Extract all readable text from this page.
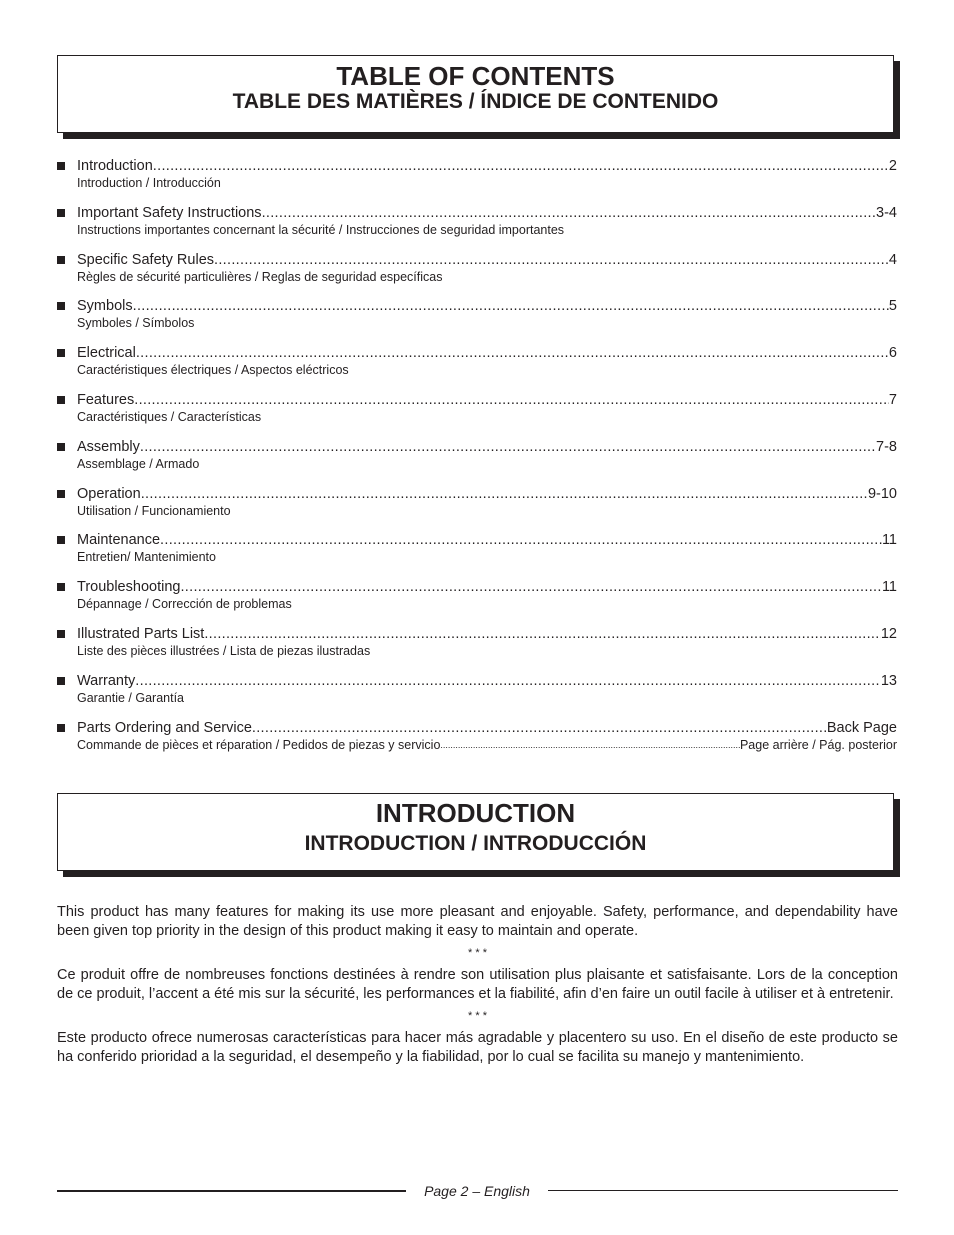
TABLE OF CONTENTS
TABLE DES MATIÈRES / ÍNDICE DE CONTENIDO
Introduction .....	2
Introduction / Introducción
Important Safety Instructions .....	3-4
Instructions importantes concernant la sécurité / Instrucciones de seguridad importantes
Specific Safety Rules .....	4
Règles de sécurité particulières / Reglas de seguridad específicas
Symbols .....	5
Symboles / Símbolos
Electrical .....	6
Caractéristiques électriques / Aspectos eléctricos
Features .....	7
Caractéristiques / Características
Assembly .....	7-8
Assemblage / Armado
Operation .....	9-10
Utilisation / Funcionamiento
Maintenance .....	11
Entretien/ Mantenimiento
Troubleshooting .....	11
Dépannage / Corrección de problemas
Illustrated Parts List .....	12
Liste des pièces illustrées / Lista de piezas ilustradas
Warranty .....	13
Garantie / Garantía
Parts Ordering and Service .....	Back Page
Commande de pièces et réparation / Pedidos de piezas y servicio .....	Page arrière / Pág. posterior
INTRODUCTION
INTRODUCTION / INTRODUCCIÓN

This product has many features for making its use more pleasant and enjoyable. Safety, performance, and dependability have been given top priority in the design of this product making it easy to maintain and operate.

* * *

Ce produit offre de nombreuses fonctions destinées à rendre son utilisation plus plaisante et satisfaisante. Lors de la conception de ce produit, l’accent a été mis sur la sécurité, les performances et la fiabilité, afin d’en faire un outil facile à utiliser et à entretenir.

* * *

Este producto ofrece numerosas características para hacer más agradable y placentero su uso. En el diseño de este producto se ha conferido prioridad a la seguridad, el desempeño y la fiabilidad, por lo cual se facilita su manejo y mantenimiento.

Page 2 – English
